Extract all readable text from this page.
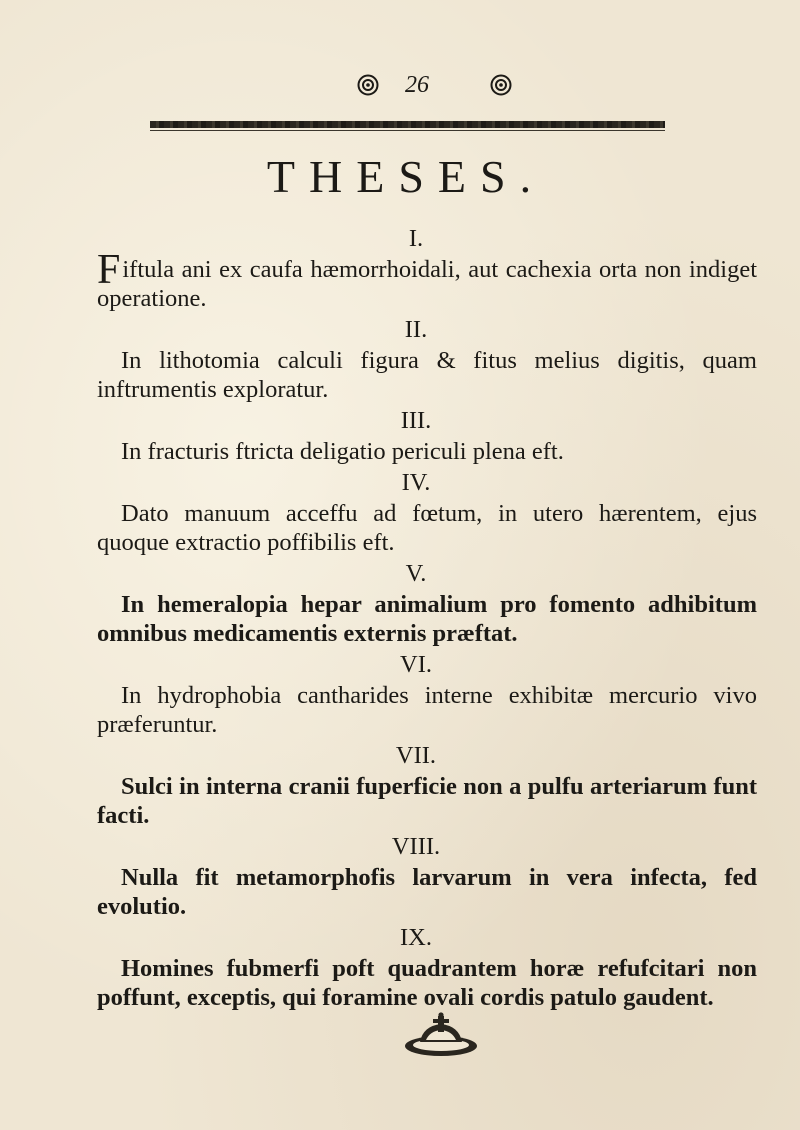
26
THESES.
I.

Fiftula ani ex caufa hæmorrhoidali, aut cachexia orta non indiget operatione.

II.

In lithotomia calculi figura & fitus melius digitis, quam inftrumentis exploratur.

III.

In fracturis ftricta deligatio periculi plena eft.

IV.

Dato manuum acceffu ad fœtum, in utero hærentem, ejus quoque extractio poffibilis eft.

V.

In hemeralopia hepar animalium pro fomento adhibitum omnibus medicamentis externis præftat.

VI.

In hydrophobia cantharides interne exhibitæ mercurio vivo præferuntur.

VII.

Sulci in interna cranii fuperficie non a pulfu arteriarum funt facti.

VIII.

Nulla fit metamorphofis larvarum in vera infecta, fed evolutio.

IX.

Homines fubmerfi poft quadrantem horæ refufcitari non poffunt, exceptis, qui foramine ovali cordis patulo gaudent.
